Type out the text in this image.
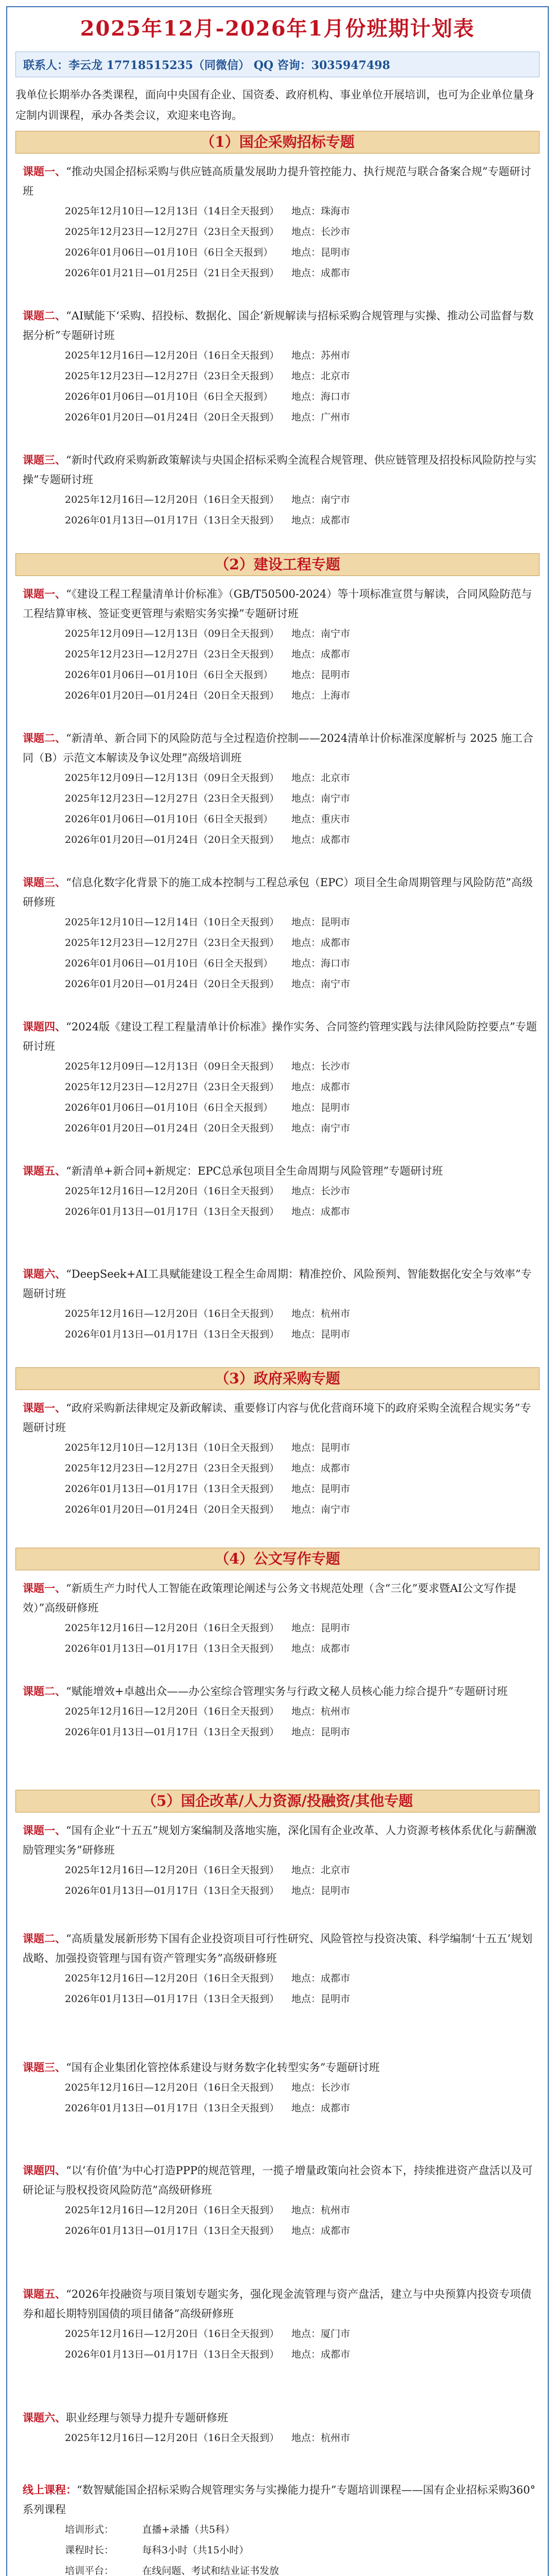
2025年12月-2026年1月份班期计划表
联系人：李云龙 17718515235（同微信） QQ 咨询：3035947498
我单位长期举办各类课程，面向中央国有企业、国资委、政府机构、事业单位开展培训，也可为企业单位量身定制内训课程，承办各类会议，欢迎来电咨询。
（1）国企采购招标专题
课题一、“推动央国企招标采购与供应链高质量发展助力提升管控能力、执行规范与联合备案合规”专题研讨班
2025年12月10日—12月13日（14日全天报到）	地点：珠海市
2025年12月23日—12月27日（23日全天报到）	地点：长沙市
2026年01月06日—01月10日（6日全天报到）	地点：昆明市
2026年01月21日—01月25日（21日全天报到）	地点：成都市
课题二、“AI赋能下‘采购、招投标、数据化、国企’新规解读与招标采购合规管理与实操、推动公司监督与数据分析”专题研讨班
2025年12月16日—12月20日（16日全天报到）	地点：苏州市
2025年12月23日—12月27日（23日全天报到）	地点：北京市
2026年01月06日—01月10日（6日全天报到）	地点：海口市
2026年01月20日—01月24日（20日全天报到）	地点：广州市
课题三、“新时代政府采购新政策解读与央国企招标采购全流程合规管理、供应链管理及招投标风险防控与实操”专题研讨班
2025年12月16日—12月20日（16日全天报到）	地点：南宁市
2026年01月13日—01月17日（13日全天报到）	地点：成都市
（2）建设工程专题
课题一、“《建设工程工程量清单计价标准》（GB/T50500-2024）等十项标准宣贯与解读，合同风险防范与工程结算审核、签证变更管理与索赔实务实操”专题研讨班
2025年12月09日—12月13日（09日全天报到）	地点：南宁市
2025年12月23日—12月27日（23日全天报到）	地点：成都市
2026年01月06日—01月10日（6日全天报到）	地点：昆明市
2026年01月20日—01月24日（20日全天报到）	地点：上海市
课题二、“新清单、新合同下的风险防范与全过程造价控制——2024清单计价标准深度解析与 2025 施工合同（B）示范文本解读及争议处理”高级培训班
2025年12月09日—12月13日（09日全天报到）	地点：北京市
2025年12月23日—12月27日（23日全天报到）	地点：南宁市
2026年01月06日—01月10日（6日全天报到）	地点：重庆市
2026年01月20日—01月24日（20日全天报到）	地点：成都市
课题三、“信息化数字化背景下的施工成本控制与工程总承包（EPC）项目全生命周期管理与风险防范”高级研修班
2025年12月10日—12月14日（10日全天报到）	地点：昆明市
2025年12月23日—12月27日（23日全天报到）	地点：成都市
2026年01月06日—01月10日（6日全天报到）	地点：海口市
2026年01月20日—01月24日（20日全天报到）	地点：南宁市
课题四、“2024版《建设工程工程量清单计价标准》操作实务、合同签约管理实践与法律风险防控要点”专题研讨班
2025年12月09日—12月13日（09日全天报到）	地点：长沙市
2025年12月23日—12月27日（23日全天报到）	地点：成都市
2026年01月06日—01月10日（6日全天报到）	地点：昆明市
2026年01月20日—01月24日（20日全天报到）	地点：南宁市
课题五、“新清单+新合同+新规定：EPC总承包项目全生命周期与风险管理”专题研讨班
2025年12月16日—12月20日（16日全天报到）	地点：长沙市
2026年01月13日—01月17日（13日全天报到）	地点：成都市
课题六、“DeepSeek+AI工具赋能建设工程全生命周期：精准控价、风险预判、智能数据化安全与效率”专题研讨班
2025年12月16日—12月20日（16日全天报到）	地点：杭州市
2026年01月13日—01月17日（13日全天报到）	地点：昆明市
（3）政府采购专题
课题一、“政府采购新法律规定及新政解读、重要修订内容与优化营商环境下的政府采购全流程合规实务”专题研讨班
2025年12月10日—12月13日（10日全天报到）	地点：昆明市
2025年12月23日—12月27日（23日全天报到）	地点：成都市
2026年01月13日—01月17日（13日全天报到）	地点：昆明市
2026年01月20日—01月24日（20日全天报到）	地点：南宁市
（4）公文写作专题
课题一、“新质生产力时代人工智能在政策理论阐述与公务文书规范处理（含“三化”要求暨AI公文写作提效）”高级研修班
2025年12月16日—12月20日（16日全天报到）	地点：昆明市
2026年01月13日—01月17日（13日全天报到）	地点：成都市
课题二、“赋能增效+卓越出众——办公室综合管理实务与行政文秘人员核心能力综合提升”专题研讨班
2025年12月16日—12月20日（16日全天报到）	地点：杭州市
2026年01月13日—01月17日（13日全天报到）	地点：昆明市
（5）国企改革/人力资源/投融资/其他专题
课题一、“国有企业“十五五”规划方案编制及落地实施，深化国有企业改革、人力资源考核体系优化与薪酬激励管理实务”研修班
2025年12月16日—12月20日（16日全天报到）	地点：北京市
2026年01月13日—01月17日（13日全天报到）	地点：昆明市
课题二、“高质量发展新形势下国有企业投资项目可行性研究、风险管控与投资决策、科学编制‘十五五’规划战略、加强投资管理与国有资产管理实务”高级研修班
2025年12月16日—12月20日（16日全天报到）	地点：成都市
2026年01月13日—01月17日（13日全天报到）	地点：昆明市
课题三、“国有企业集团化管控体系建设与财务数字化转型实务”专题研讨班
2025年12月16日—12月20日（16日全天报到）	地点：长沙市
2026年01月13日—01月17日（13日全天报到）	地点：成都市
课题四、“以‘有价值’为中心打造PPP的规范管理，一揽子增量政策向社会资本下，持续推进资产盘活以及可研论证与股权投资风险防范”高级研修班
2025年12月16日—12月20日（16日全天报到）	地点：杭州市
2026年01月13日—01月17日（13日全天报到）	地点：成都市
课题五、“2026年投融资与项目策划专题实务，强化现金流管理与资产盘活，建立与中央预算内投资专项债券和超长期特别国债的项目储备”高级研修班
2025年12月16日—12月20日（16日全天报到）	地点：厦门市
2026年01月13日—01月17日（13日全天报到）	地点：成都市
课题六、职业经理与领导力提升专题研修班
2025年12月16日—12月20日（16日全天报到）	地点：杭州市
线上课程：“数智赋能国企招标采购合规管理实务与实操能力提升”专题培训课程——国有企业招标采购360°系列课程
培训形式：	直播+录播（共5科）
课程时长：	每科3小时（共15小时）
培训平台：	在线问题、考试和结业证书发放
